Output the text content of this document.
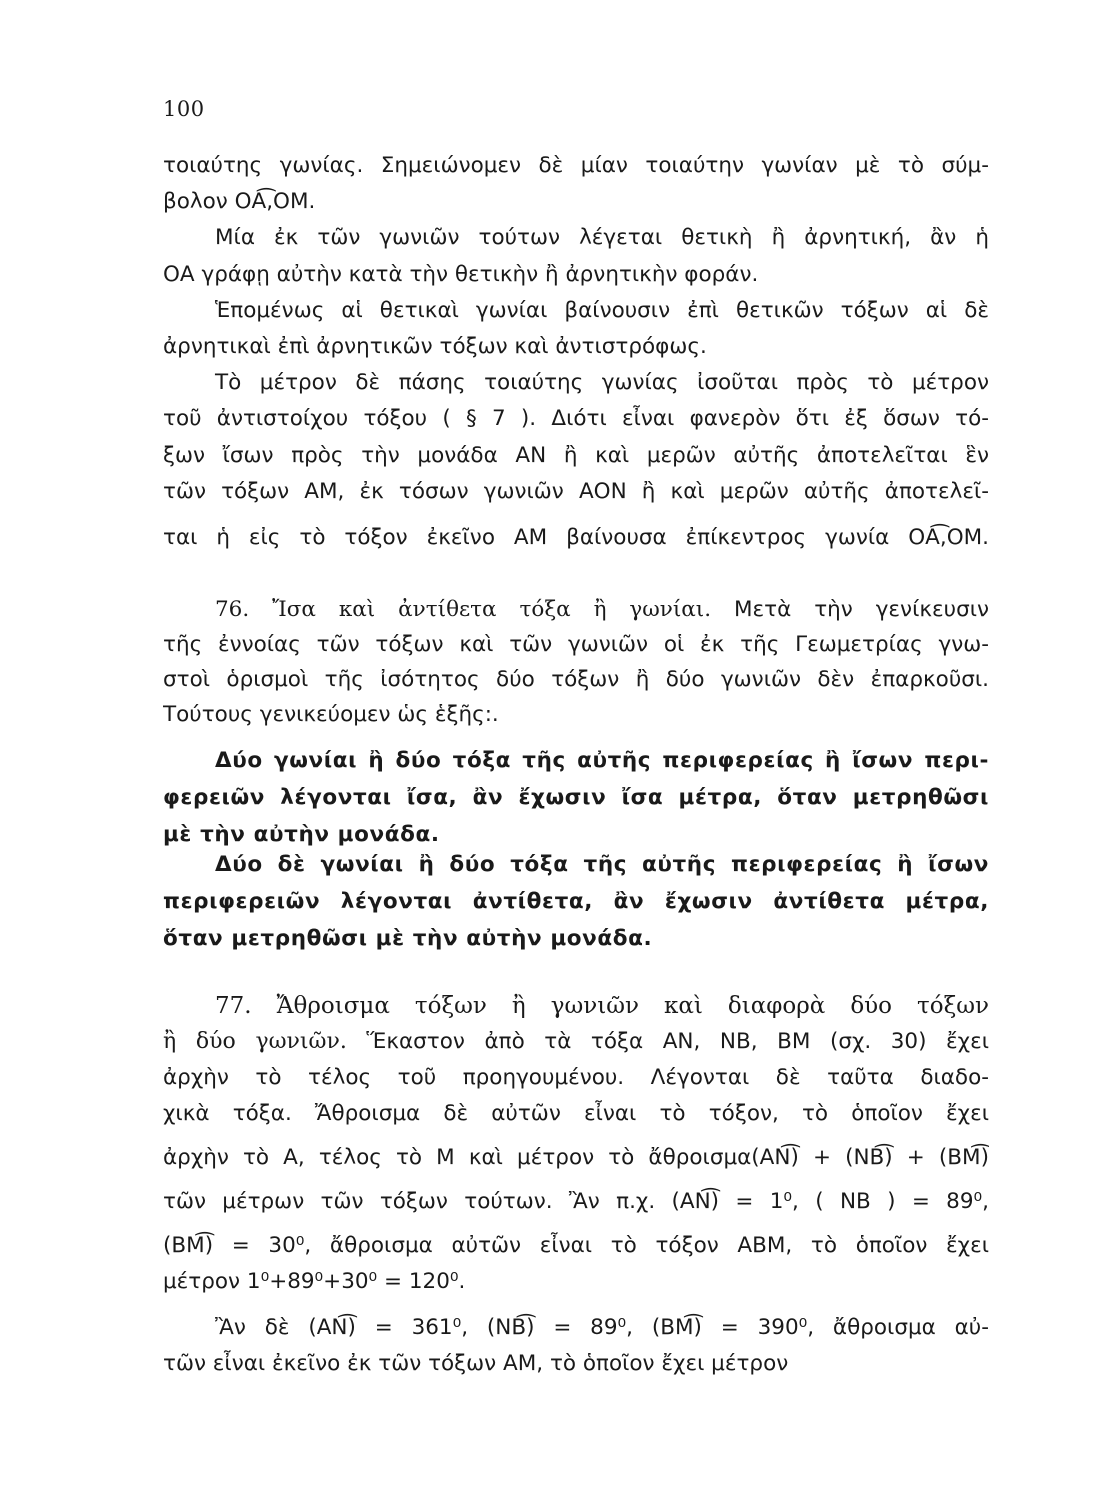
100
τοιαύτης γωνίας. Σημειώνομεν δὲ μίαν τοιαύτην γωνίαν μὲ τὸ σύμ-
βολον ΟΑ͡,ΟΜ.
Μία ἐκ τῶν γωνιῶν τούτων λέγεται θετικὴ ἢ ἀρνητική, ἂν ἡ
ΟΑ γράφῃ αὐτὴν κατὰ τὴν θετικὴν ἢ ἀρνητικὴν φοράν.
Ἑπομένως αἱ θετικαὶ γωνίαι βαίνουσιν ἐπὶ θετικῶν τόξων αἱ δὲ
ἀρνητικαὶ ἐπὶ ἀρνητικῶν τόξων καὶ ἀντιστρόφως.
Τὸ μέτρον δὲ πάσης τοιαύτης γωνίας ἰσοῦται πρὸς τὸ μέτρον
τοῦ ἀντιστοίχου τόξου ( § 7 ). Διότι εἶναι φανερὸν ὅτι ἐξ ὅσων τό-
ξων ἴσων πρὸς τὴν μονάδα ΑΝ ἢ καὶ μερῶν αὐτῆς ἀποτελεῖται ἓν
τῶν τόξων ΑΜ, ἐκ τόσων γωνιῶν ΑΟΝ ἢ καὶ μερῶν αὐτῆς ἀποτελεῖ-
ται ἡ εἰς τὸ τόξον ἐκεῖνο ΑΜ βαίνουσα ἐπίκεντρος γωνία ΟΑ͡,ΟΜ.
76. Ἴσα καὶ ἀντίθετα τόξα ἢ γωνίαι. Μετὰ τὴν γενίκευσιν
τῆς ἐννοίας τῶν τόξων καὶ τῶν γωνιῶν οἱ ἐκ τῆς Γεωμετρίας γνω-
στοὶ ὁρισμοὶ τῆς ἰσότητος δύο τόξων ἢ δύο γωνιῶν δὲν ἐπαρκοῦσι.
Τούτους γενικεύομεν ὡς ἑξῆς:.
Δύο γωνίαι ἢ δύο τόξα τῆς αὐτῆς περιφερείας ἢ ἴσων περι-
φερειῶν λέγονται ἴσα, ἂν ἔχωσιν ἴσα μέτρα, ὅταν μετρηθῶσι
μὲ τὴν αὐτὴν μονάδα.
Δύο δὲ γωνίαι ἢ δύο τόξα τῆς αὐτῆς περιφερείας ἢ ἴσων
περιφερειῶν λέγονται ἀντίθετα, ἂν ἔχωσιν ἀντίθετα μέτρα,
ὅταν μετρηθῶσι μὲ τὴν αὐτὴν μονάδα.
77. Ἄθροισμα τόξων ἢ γωνιῶν καὶ διαφορὰ δύο τόξων
ἢ δύο γωνιῶν. Ἕκαστον ἀπὸ τὰ τόξα ΑΝ, ΝΒ, ΒΜ (σχ. 30) ἔχει
ἀρχὴν τὸ τέλος τοῦ προηγουμένου. Λέγονται δὲ ταῦτα διαδο-
χικὰ τόξα. Ἄθροισμα δὲ αὐτῶν εἶναι τὸ τόξον, τὸ ὁποῖον ἔχει
ἀρχὴν τὸ Α, τέλος τὸ Μ καὶ μέτρον τὸ ἄθροισμα(ΑΝ͡) + (ΝΒ͡) + (ΒΜ͡)
τῶν μέτρων τῶν τόξων τούτων. Ἂν π.χ. (ΑΝ͡) = 1⁰, ( ΝΒ ) = 89⁰,
(ΒΜ͡) = 30⁰, ἄθροισμα αὐτῶν εἶναι τὸ τόξον ΑΒΜ, τὸ ὁποῖον ἔχει
μέτρον 1⁰+89⁰+30⁰ = 120⁰.
Ἂν δὲ (ΑΝ͡) = 361⁰, (ΝΒ͡) = 89⁰, (ΒΜ͡) = 390⁰, ἄθροισμα αὐ-
τῶν εἶναι ἐκεῖνο ἐκ τῶν τόξων ΑΜ, τὸ ὁποῖον ἔχει μέτρον
